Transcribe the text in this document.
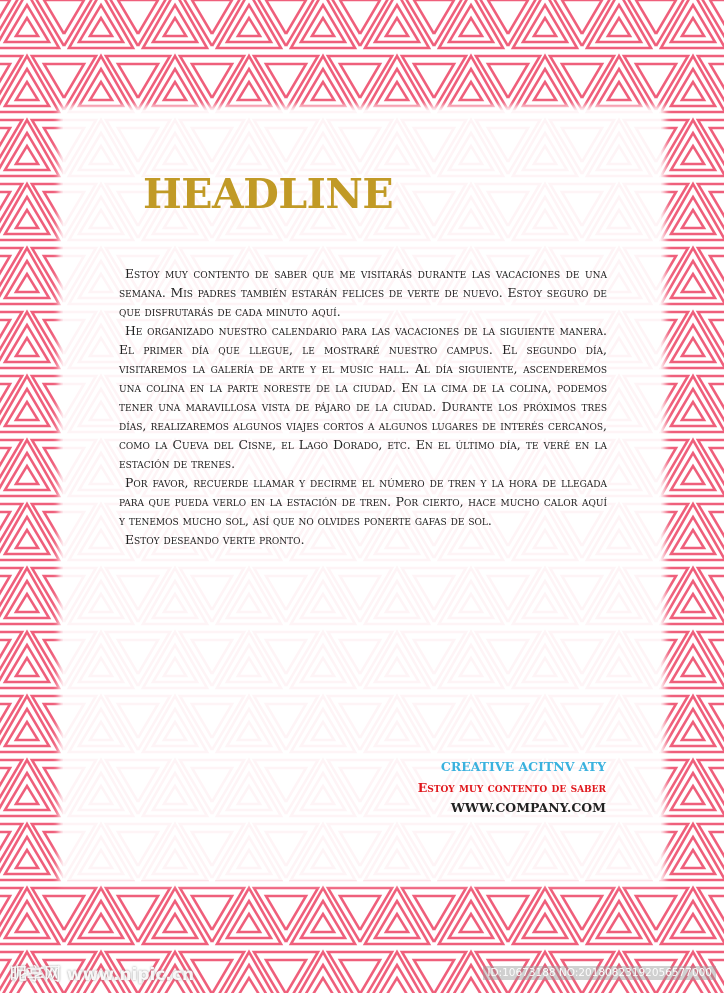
HEADLINE

Estoy muy contento de saber que me visitarás durante las vacaciones de una semana. Mis padres también estarán felices de verte de nuevo. Estoy seguro de que disfrutarás de cada minuto aquí.

He organizado nuestro calendario para las vacaciones de la siguiente manera. El primer día que llegue, le mostraré nuestro campus. El segundo día, visitaremos la galería de arte y el music hall. Al día siguiente, ascenderemos una colina en la parte noreste de la ciudad. En la cima de la colina, podemos tener una maravillosa vista de pájaro de la ciudad. Durante los próximos tres días, realizaremos algunos viajes cortos a algunos lugares de interés cercanos, como la Cueva del Cisne, el Lago Dorado, etc. En el último día, te veré en la estación de trenes.

Por favor, recuerde llamar y decirme el número de tren y la hora de llegada para que pueda verlo en la estación de tren. Por cierto, hace mucho calor aquí y tenemos mucho sol, así que no olvides ponerte gafas de sol.

Estoy deseando verte pronto.

CREATIVE ACITNV ATY
Estoy muy contento de saber
WWW.COMPANY.COM
昵享网 www.nipic.cn	ID:10673188 NO:20180823192056577000
